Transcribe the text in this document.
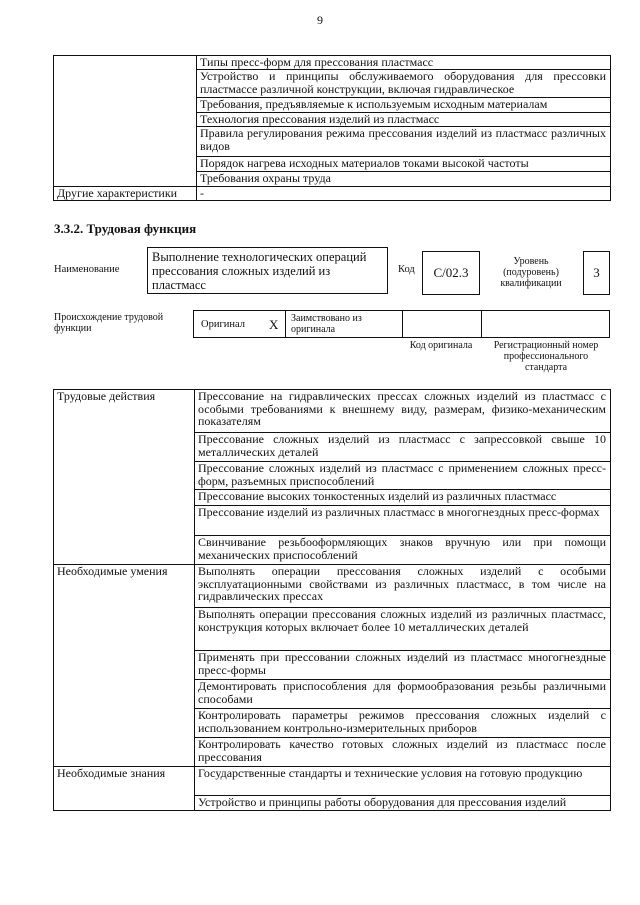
9
	Типы пресс-форм для прессования пластмасс
	Устройство и принципы обслуживаемого оборудования для прессовки пластмассе различной конструкции, включая гидравлическое
	Требования, предъявляемые к используемым исходным материалам
	Технология прессования изделий из пластмасс
	Правила регулирования режима прессования изделий из пластмасс различных видов
	Порядок нагрева исходных материалов токами высокой частоты
	Требования охраны труда
Другие характеристики	-
3.3.2. Трудовая функция
Наименование
Выполнение технологических операций прессования сложных изделий из пластмасс
Код	C/02.3
Уровень (подуровень) квалификации
3
Происхождение трудовой функции	Оригинал X Заимствовано из оригинала
Код оригинала	Регистрационный номер профессионального стандарта
Трудовые действия	Прессование на гидравлических прессах сложных изделий из пластмасс с особыми требованиями к внешнему виду, размерам, физико-механическим показателям
	Прессование сложных изделий из пластмасс с запрессовкой свыше 10 металлических деталей
	Прессование сложных изделий из пластмасс с применением сложных пресс-форм, разъемных приспособлений
	Прессование высоких тонкостенных изделий из различных пластмасс
	Прессование изделий из различных пластмасс в многогнездных пресс-формах
	Свинчивание резьбооформляющих знаков вручную или при помощи механических приспособлений
Необходимые умения	Выполнять операции прессования сложных изделий с особыми эксплуатационными свойствами из различных пластмасс, в том числе на гидравлических прессах
	Выполнять операции прессования сложных изделий из различных пластмасс, конструкция которых включает более 10 металлических деталей
	Применять при прессовании сложных изделий из пластмасс многогнездные пресс-формы
	Демонтировать приспособления для формообразования резьбы различными способами
	Контролировать параметры режимов прессования сложных изделий с использованием контрольно-измерительных приборов
	Контролировать качество готовых сложных изделий из пластмасс после прессования
Необходимые знания	Государственные стандарты и технические условия на готовую продукцию
	Устройство и принципы работы оборудования для прессования изделий
